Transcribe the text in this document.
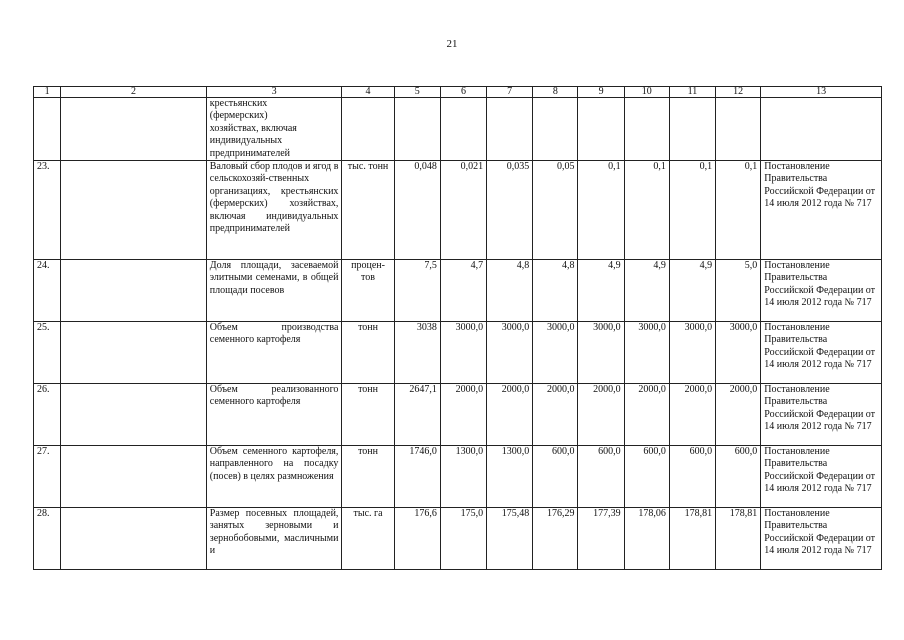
21
1	2	3	4	5	6	7	8	9	10	11	12	13

		крестьянских
(фермерских)
хозяйствах, включая
индивидуальных
предпринимателей										

23.		Валовый сбор плодов и ягод в сельскохозяй-ственных организациях, крестьянских (фермерских) хозяйствах, включая индивидуальных предпринимателей	тыс. тонн	0,048	0,021	0,035	0,05	0,1	0,1	0,1	0,1	Постановление Правительства Российской Федерации от 14 июля 2012 года № 717
24.		Доля площади, засеваемой элитными семенами, в общей площади посевов	процен-тов	7,5	4,7	4,8	4,8	4,9	4,9	4,9	5,0	Постановление Правительства Российской Федерации от 14 июля 2012 года № 717
25.		Объем производства семенного картофеля	тонн	3038	3000,0	3000,0	3000,0	3000,0	3000,0	3000,0	3000,0	Постановление Правительства Российской Федерации от 14 июля 2012 года № 717
26.		Объем реализованного семенного картофеля	тонн	2647,1	2000,0	2000,0	2000,0	2000,0	2000,0	2000,0	2000,0	Постановление Правительства Российской Федерации от 14 июля 2012 года № 717
27.		Объем семенного картофеля, направленного на посадку (посев) в целях размножения	тонн	1746,0	1300,0	1300,0	600,0	600,0	600,0	600,0	600,0	Постановление Правительства Российской Федерации от 14 июля 2012 года № 717
28.		Размер посевных площадей, занятых зерновыми и зернобобовыми, масличными и	тыс. га	176,6	175,0	175,48	176,29	177,39	178,06	178,81	178,81	Постановление Правительства Российской Федерации от 14 июля 2012 года № 717
